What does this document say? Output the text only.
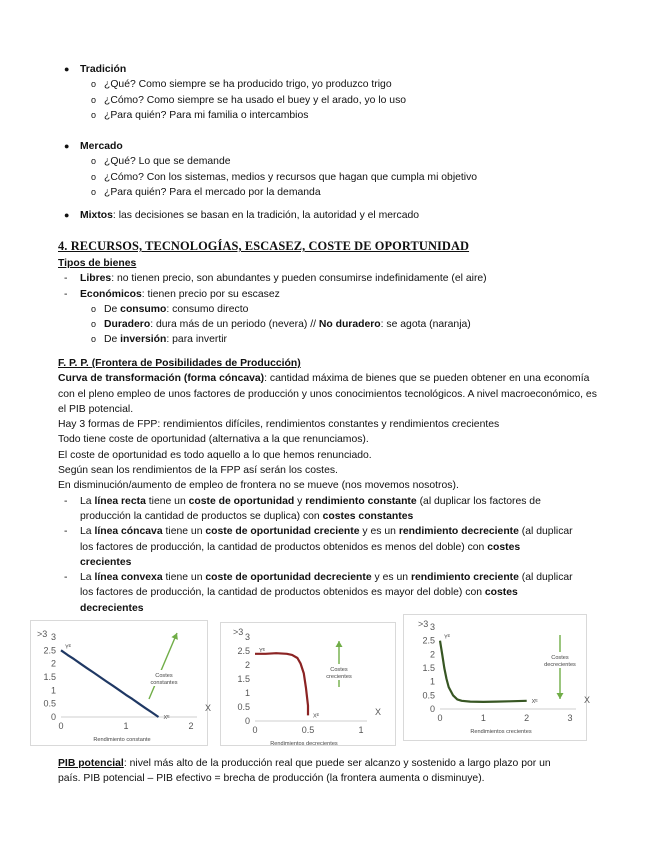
● Tradición
o ¿Qué? Como siempre se ha producido trigo, yo produzco trigo
o ¿Cómo? Como siempre se ha usado el buey y el arado, yo lo uso
o ¿Para quién? Para mi familia o intercambios
● Mercado
o ¿Qué? Lo que se demande
o ¿Cómo? Con los sistemas, medios y recursos que hagan que cumpla mi objetivo
o ¿Para quién? Para el mercado por la demanda
● Mixtos: las decisiones se basan en la tradición, la autoridad y el mercado
4. RECURSOS, TECNOLOGÍAS, ESCASEZ, COSTE DE OPORTUNIDAD
Tipos de bienes
- Libres: no tienen precio, son abundantes y pueden consumirse indefinidamente (el aire)
- Económicos: tienen precio por su escasez
o De consumo: consumo directo
o Duradero: dura más de un periodo (nevera) // No duradero: se agota (naranja)
o De inversión: para invertir
F. P. P. (Frontera de Posibilidades de Producción)
Curva de transformación (forma cóncava): cantidad máxima de bienes que se pueden obtener en una economía con el pleno empleo de unos factores de producción y unos conocimientos tecnológicos. A nivel macroeconómico, es el PIB potencial.
Hay 3 formas de FPP: rendimientos difíciles, rendimientos constantes y rendimientos crecientes
Todo tiene coste de oportunidad (alternativa a la que renunciamos).
El coste de oportunidad es todo aquello a lo que hemos renunciado.
Según sean los rendimientos de la FPP así serán los costes.
En disminución/aumento de empleo de frontera no se mueve (nos movemos nosotros).
- La línea recta tiene un coste de oportunidad y rendimiento constante (al duplicar los factores de
producción la cantidad de productos se duplica) con costes constantes
- La línea cóncava tiene un coste de oportunidad creciente y es un rendimiento decreciente (al duplicar
los factores de producción, la cantidad de productos obtenidos es menos del doble) con costes
crecientes
- La línea convexa tiene un coste de oportunidad decreciente y es un rendimiento creciente (al duplicar
los factores de producción, la cantidad de productos obtenidos es mayor del doble) con costes
decrecientes
0
0.5
1
1.5
2
2.5
3
0	1	2
X
>3
Yᴱ
Xᴱ
Costes
constantes
Rendimiento constante
0
0.5
1
1.5
2
2.5
3
0	0.5	1
X
>3
Yᴱ
Xᴱ
Costes
crecientes
Rendimientos decrecientes
0
0.5
1
1.5
2
2.5
3
0	1	2	3
X
>3
Yᴱ
Xᴱ
Costes
decrecientes
Rendimientos crecientes
PIB potencial: nivel más alto de la producción real que puede ser alcanzo y sostenido a largo plazo por un
país. PIB potencial – PIB efectivo = brecha de producción (la frontera aumenta o disminuye).
